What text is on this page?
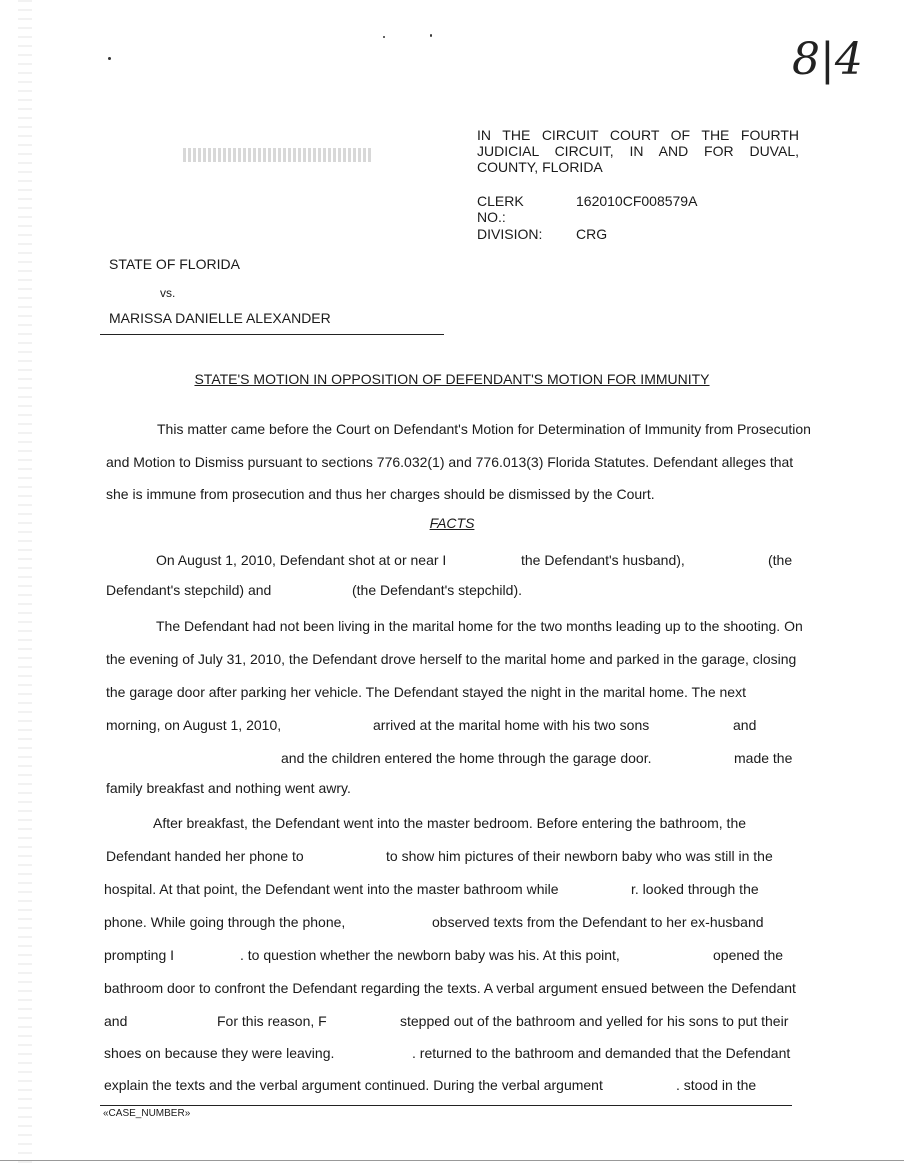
8|4
IN THE CIRCUIT COURT OF THE FOURTH
JUDICIAL CIRCUIT, IN AND FOR DUVAL,
COUNTY, FLORIDA
CLERK NO.:
162010CF008579A
DIVISION: CRG
STATE OF FLORIDA
vs.
MARISSA DANIELLE ALEXANDER
STATE'S MOTION IN OPPOSITION OF DEFENDANT'S MOTION FOR IMMUNITY
This matter came before the Court on Defendant's Motion for Determination of Immunity from Prosecution
and Motion to Dismiss pursuant to sections 776.032(1) and 776.013(3) Florida Statutes. Defendant alleges that
she is immune from prosecution and thus her charges should be dismissed by the Court.
FACTS
On August 1, 2010, Defendant shot at or near I	the Defendant's husband),	(the
Defendant's stepchild) and	(the Defendant's stepchild).
The Defendant had not been living in the marital home for the two months leading up to the shooting. On
the evening of July 31, 2010, the Defendant drove herself to the marital home and parked in the garage, closing
the garage door after parking her vehicle. The Defendant stayed the night in the marital home. The next
morning, on August 1, 2010,	arrived at the marital home with his two sons	and
and the children entered the home through the garage door.	made the
family breakfast and nothing went awry.
After breakfast, the Defendant went into the master bedroom. Before entering the bathroom, the
Defendant handed her phone to	to show him pictures of their newborn baby who was still in the
hospital. At that point, the Defendant went into the master bathroom while	r. looked through the
phone. While going through the phone,	observed texts from the Defendant to her ex-husband
prompting I	. to question whether the newborn baby was his. At this point,	opened the
bathroom door to confront the Defendant regarding the texts. A verbal argument ensued between the Defendant
and	For this reason, F	stepped out of the bathroom and yelled for his sons to put their
shoes on because they were leaving.	. returned to the bathroom and demanded that the Defendant
explain the texts and the verbal argument continued. During the verbal argument	. stood in the
«CASE_NUMBER»
